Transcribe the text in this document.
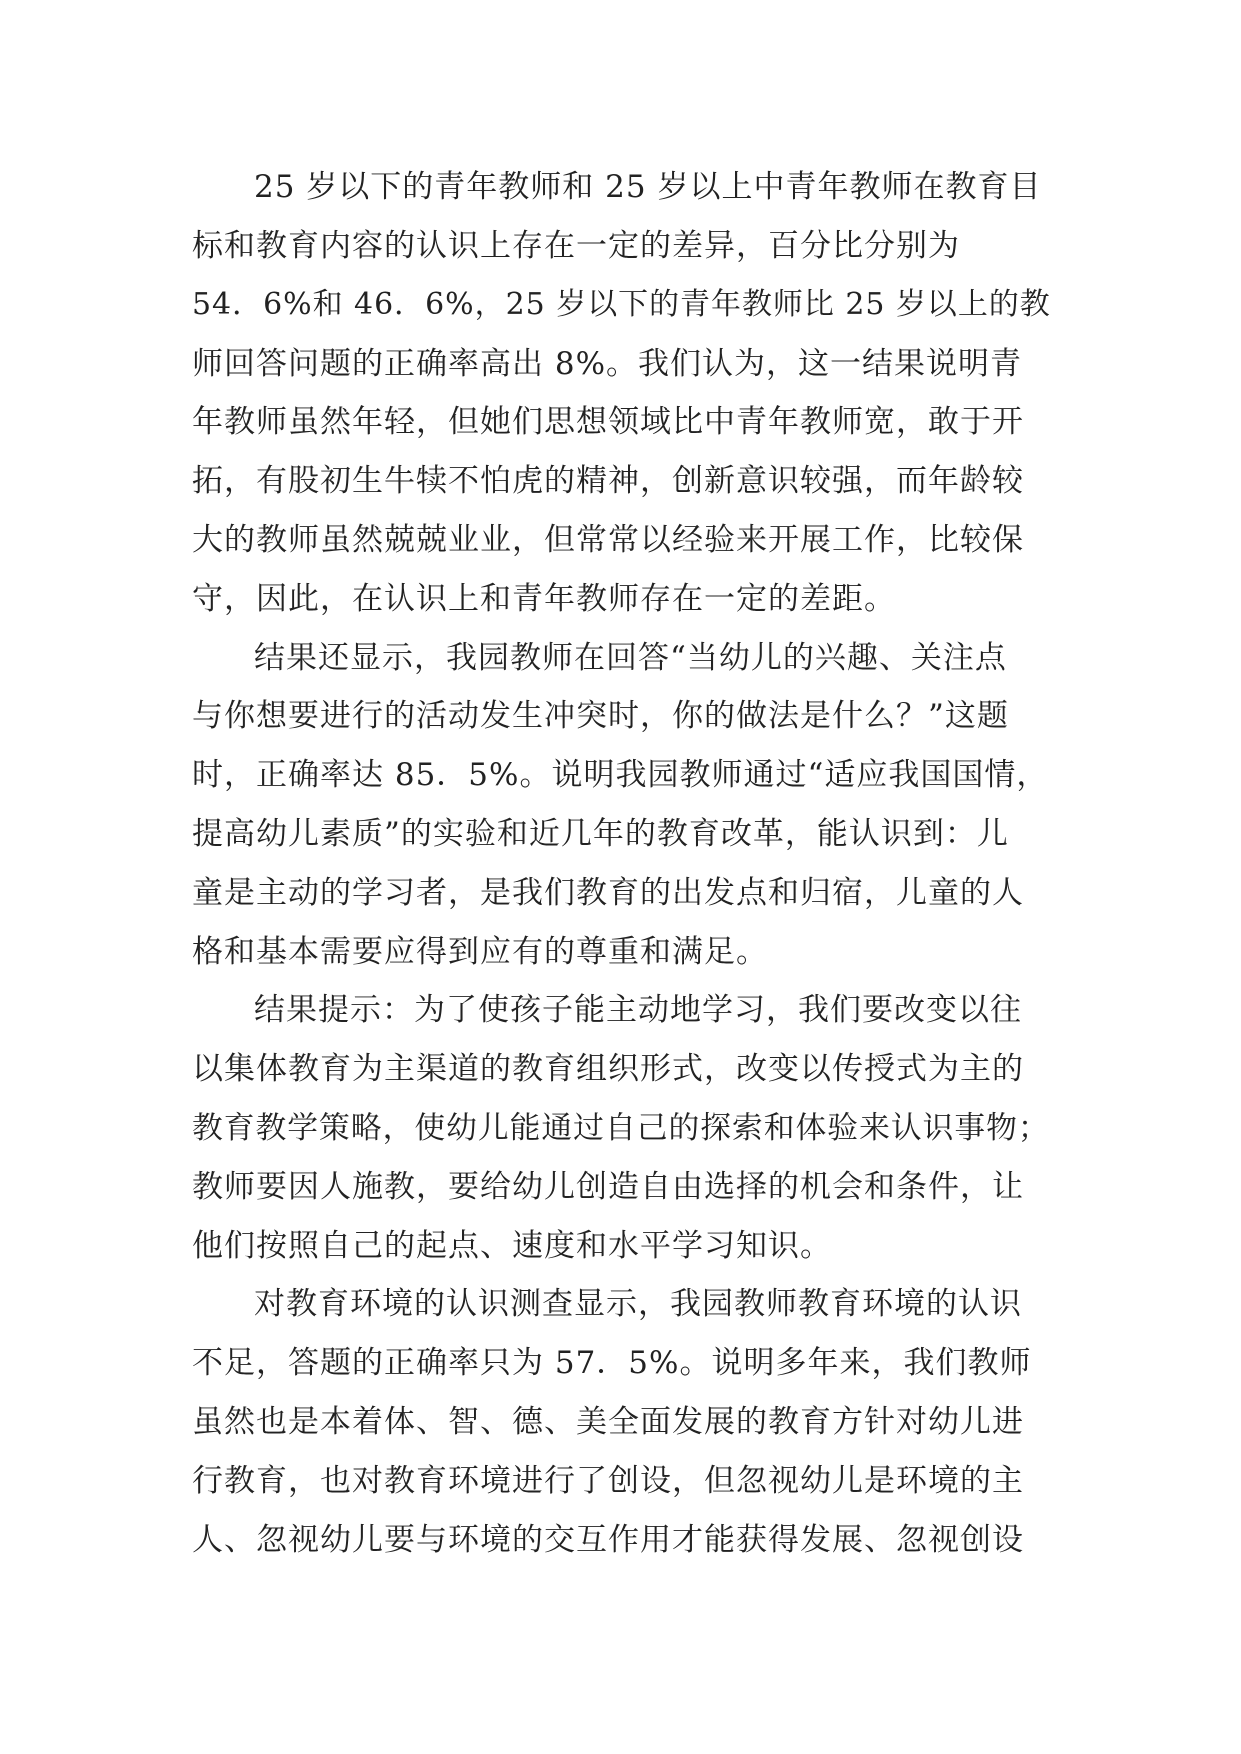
25 岁以下的青年教师和 25 岁以上中青年教师在教育目
标和教育内容的认识上存在一定的差异，百分比分别为
54．6%和 46．6%，25 岁以下的青年教师比 25 岁以上的教
师回答问题的正确率高出 8%。我们认为，这一结果说明青
年教师虽然年轻，但她们思想领域比中青年教师宽，敢于开
拓，有股初生牛犊不怕虎的精神，创新意识较强，而年龄较
大的教师虽然兢兢业业，但常常以经验来开展工作，比较保
守，因此，在认识上和青年教师存在一定的差距。
结果还显示，我园教师在回答“当幼儿的兴趣、关注点
与你想要进行的活动发生冲突时，你的做法是什么？”这题
时，正确率达 85．5%。说明我园教师通过“适应我国国情，
提高幼儿素质”的实验和近几年的教育改革，能认识到：儿
童是主动的学习者，是我们教育的出发点和归宿，儿童的人
格和基本需要应得到应有的尊重和满足。
结果提示：为了使孩子能主动地学习，我们要改变以往
以集体教育为主渠道的教育组织形式，改变以传授式为主的
教育教学策略，使幼儿能通过自己的探索和体验来认识事物；
教师要因人施教，要给幼儿创造自由选择的机会和条件，让
他们按照自己的起点、速度和水平学习知识。
对教育环境的认识测查显示，我园教师教育环境的认识
不足，答题的正确率只为 57．5%。说明多年来，我们教师
虽然也是本着体、智、德、美全面发展的教育方针对幼儿进
行教育，也对教育环境进行了创设，但忽视幼儿是环境的主
人、忽视幼儿要与环境的交互作用才能获得发展、忽视创设
